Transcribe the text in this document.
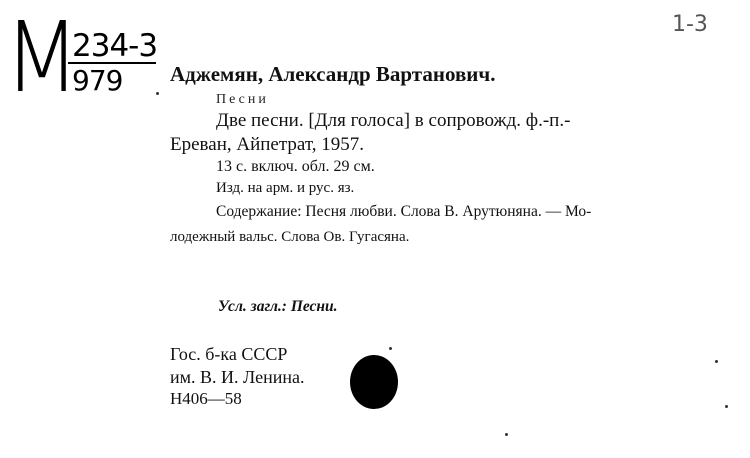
М
234-3
979
1-3
Аджемян, Александр Вартанович.
Песни
Две песни. [Для голоса] в сопровожд. ф.-п.-
Ереван, Айпетрат, 1957.
13 с. включ. обл. 29 см.
Изд. на арм. и рус. яз.
Содержание: Песня любви. Слова В. Арутюняна. — Мо-
лодежный вальс. Слова Ов. Гугасяна.
Усл. загл.: Песни.
Гос. б-ка СССР
им. В. И. Ленина.
Н406—58
